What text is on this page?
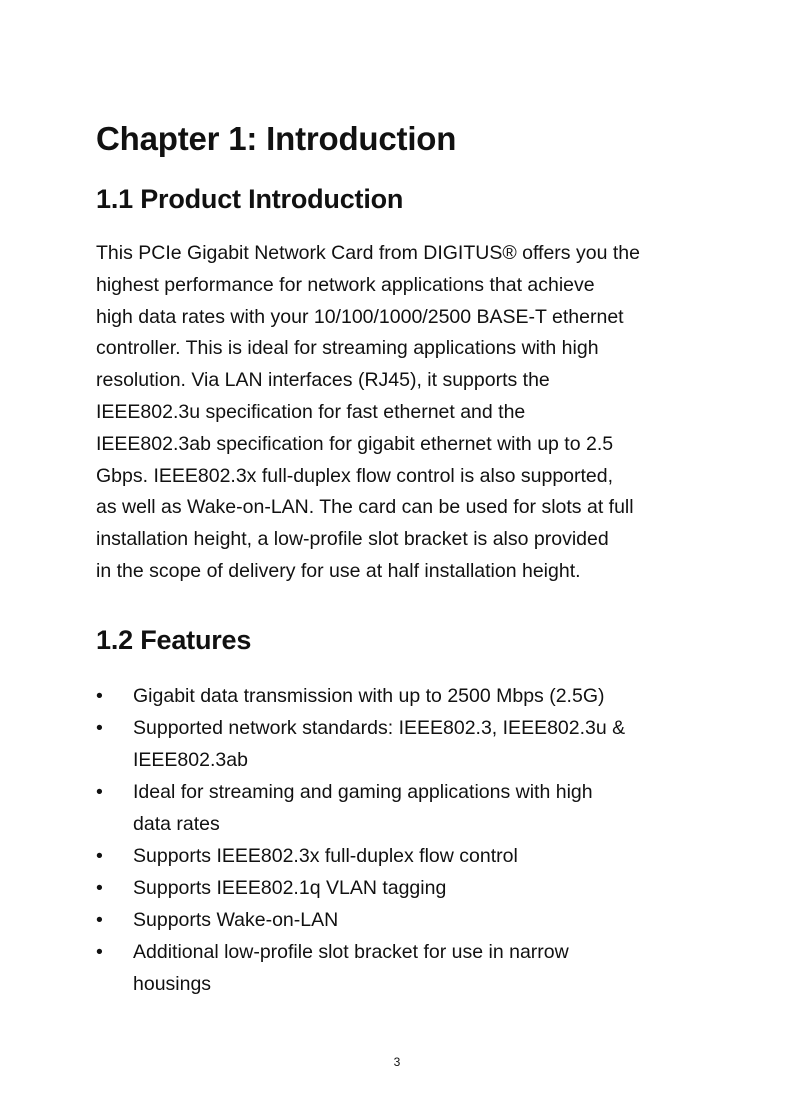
Chapter 1: Introduction
1.1 Product Introduction

This PCIe Gigabit Network Card from DIGITUS® offers you the
highest performance for network applications that achieve
high data rates with your 10/100/1000/2500 BASE-T ethernet
controller. This is ideal for streaming applications with high
resolution. Via LAN interfaces (RJ45), it supports the
IEEE802.3u specification for fast ethernet and the
IEEE802.3ab specification for gigabit ethernet with up to 2.5
Gbps. IEEE802.3x full-duplex flow control is also supported,
as well as Wake-on-LAN. The card can be used for slots at full
installation height, a low-profile slot bracket is also provided
in the scope of delivery for use at half installation height.

1.2 Features
• Gigabit data transmission with up to 2500 Mbps (2.5G)
• Supported network standards: IEEE802.3, IEEE802.3u &
IEEE802.3ab
• Ideal for streaming and gaming applications with high
data rates
• Supports IEEE802.3x full-duplex flow control
• Supports IEEE802.1q VLAN tagging
• Supports Wake-on-LAN
• Additional low-profile slot bracket for use in narrow
housings
3
